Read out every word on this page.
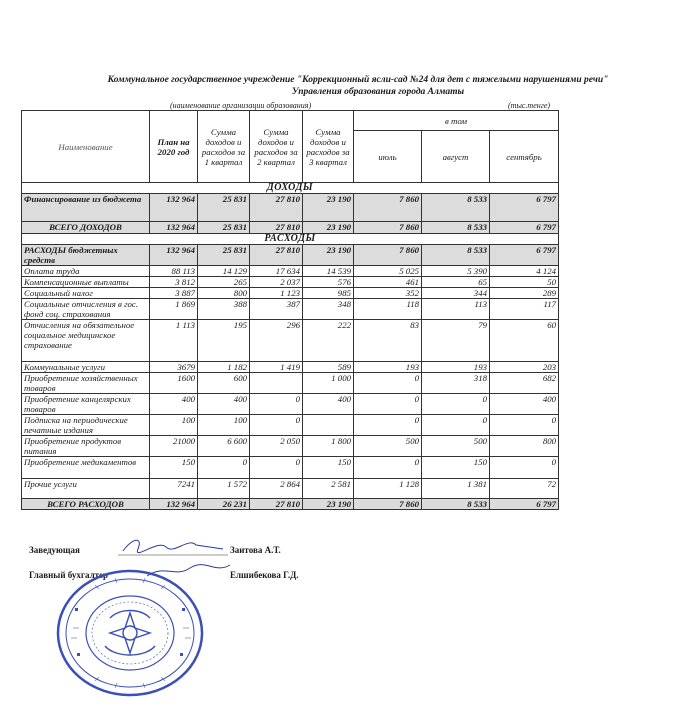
Коммунальное государственное учреждение "Коррекционный ясли-сад №24 для дет с тяжелыми нарушениями речи"
Управления образования города Алматы
(наименование организации образования)	(тыс.тенге)
Наименование	План на 2020 год	Сумма доходов и расходов за 1 квартал	Сумма доходов и расходов за 2 квартал	Сумма доходов и расходов за 3 квартал	в том		
					июль	август	сентябрь
ДОХОДЫ							
Финансирование из бюджета	132 964	25 831	27 810	23 190	7 860	8 533	6 797
ВСЕГО ДОХОДОВ	132 964	25 831	27 810	23 190	7 860	8 533	6 797
РАСХОДЫ							
РАСХОДЫ бюджетных средств	132 964	25 831	27 810	23 190	7 860	8 533	6 797
Оплата труда	88 113	14 129	17 634	14 539	5 025	5 390	4 124
Компенсационные выплаты	3 812	265	2 037	576	461	65	50
Социальный налог	3 887	800	1 123	985	352	344	289
Социальные отчисления в гос. фонд соц. страхования	1 869	388	387	348	118	113	117
Отчисления на обязательное социальное медицинское страхование	1 113	195	296	222	83	79	60
Коммунальные услуги	3679	1 182	1 419	589	193	193	203
Приобретение хозяйственных товаров	1600	600		1 000	0	318	682
Приобретение канцелярских товаров	400	400	0	400	0	0	400
Подписка на периодические печатные издания	100	100	0		0	0	0
Приобретение продуктов питания	21000	6 600	2 050	1 800	500	500	800
Приобретение медикаментов	150	0	0	150	0	150	0
Прочие услуги	7241	1 572	2 864	2 581	1 128	1 381	72
ВСЕГО РАСХОДОВ	132 964	26 231	27 810	23 190	7 860	8 533	6 797
Заведующая	Заитова А.Т.
Главный бухгалтер	Елшибекова Г.Д.
